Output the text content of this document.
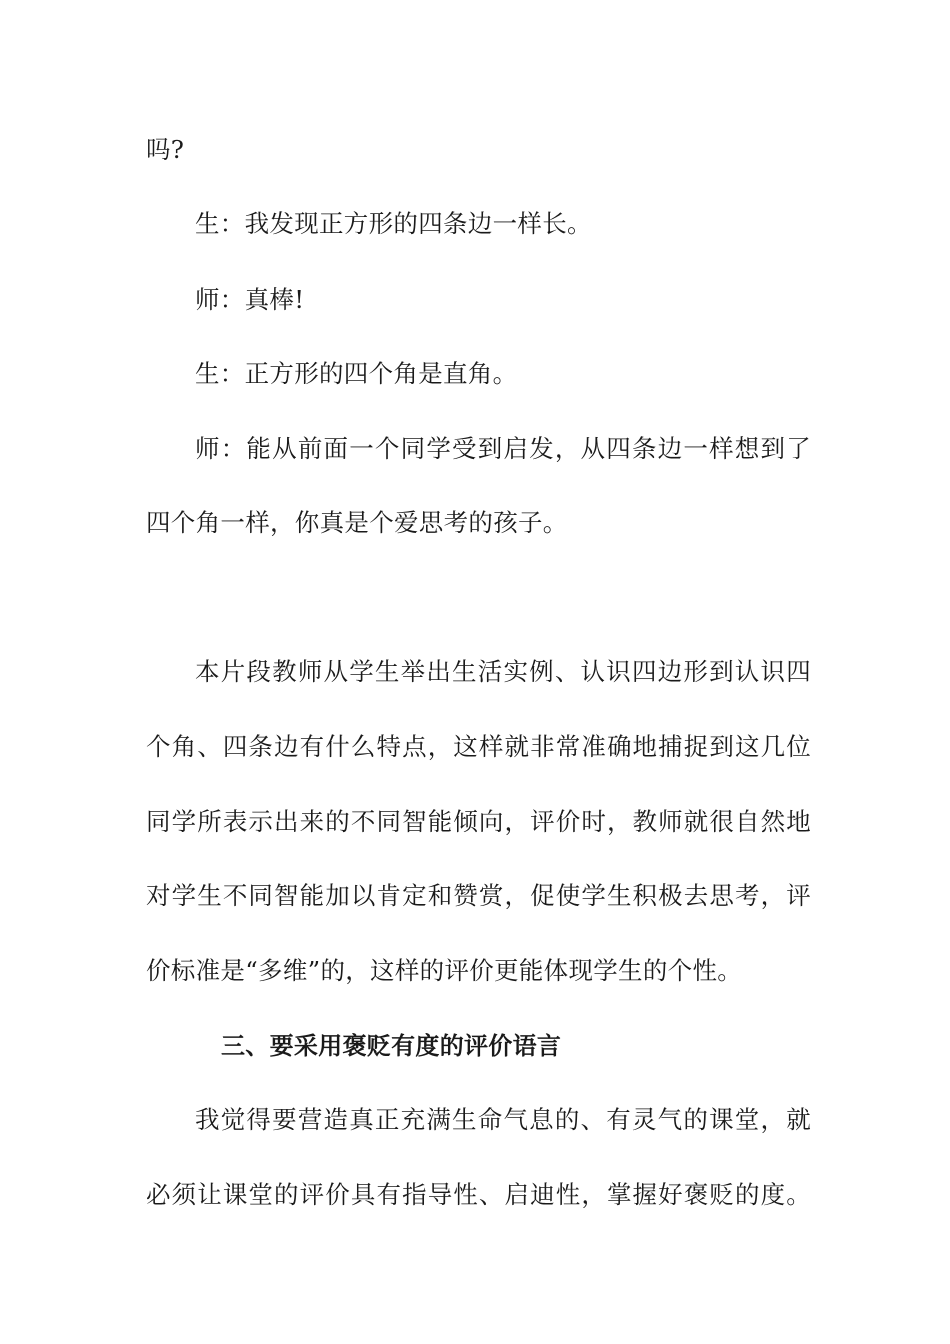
吗?
生：我发现正方形的四条边一样长。
师：真棒!
生：正方形的四个角是直角。
师：能从前面一个同学受到启发，从四条边一样想到了
四个角一样，你真是个爱思考的孩子。
本片段教师从学生举出生活实例、认识四边形到认识四
个角、四条边有什么特点，这样就非常准确地捕捉到这几位
同学所表示出来的不同智能倾向，评价时，教师就很自然地
对学生不同智能加以肯定和赞赏，促使学生积极去思考，评
价标准是“多维”的，这样的评价更能体现学生的个性。
三、要采用褒贬有度的评价语言
我觉得要营造真正充满生命气息的、有灵气的课堂，就
必须让课堂的评价具有指导性、启迪性，掌握好褒贬的度。
